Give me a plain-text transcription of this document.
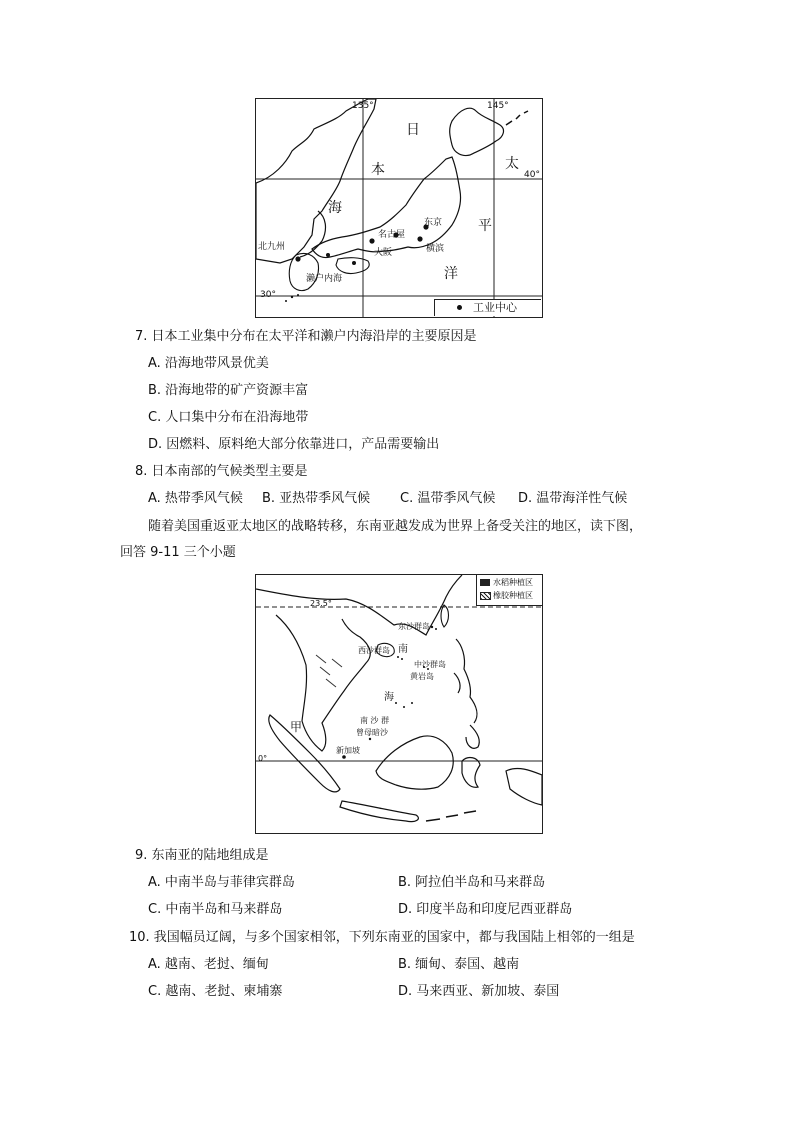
135°	145°
40°
30°
日
本
海
太
平
洋
北九州
名古屋
大阪
东京
横滨
濑户内海
工业中心
7. 日本工业集中分布在太平洋和濑户内海沿岸的主要原因是
A. 沿海地带风景优美
B. 沿海地带的矿产资源丰富
C. 人口集中分布在沿海地带
D. 因燃料、原料绝大部分依靠进口，产品需要输出
8. 日本南部的气候类型主要是
A. 热带季风气候 B. 亚热带季风气候 C. 温带季风气候 D. 温带海洋性气候
随着美国重返亚太地区的战略转移，东南亚越发成为世界上备受关注的地区，读下图，
回答 9-11 三个小题
水稻种植区
橡胶种植区
23.5°
0°
东沙群岛
西沙群岛 南
中沙群岛
黄岩岛
海
南 沙 群
曾母暗沙
新加坡
甲
9. 东南亚的陆地组成是
A. 中南半岛与菲律宾群岛	B. 阿拉伯半岛和马来群岛
C. 中南半岛和马来群岛	D. 印度半岛和印度尼西亚群岛
10. 我国幅员辽阔，与多个国家相邻，下列东南亚的国家中，都与我国陆上相邻的一组是
A. 越南、老挝、缅甸	B. 缅甸、泰国、越南
C. 越南、老挝、柬埔寨	D. 马来西亚、新加坡、泰国
